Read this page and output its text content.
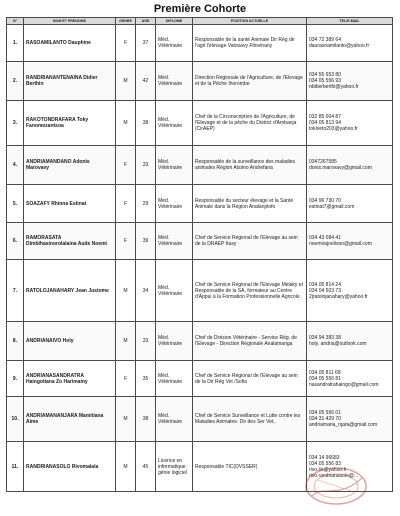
Première Cohorte
N°	NOM ET PRENOMS	GENRE	AGE	DIPLOME	POSITION ACTUELLE	TEL/E-MAIL
1.	RASOAMILANTO Dauphine	F	37	Méd. Vétérinaire	Responsable de la santé Animale Dir Rég de l'agri l'élevage Vatovavy Fitovinany	034 72 389 64
daurasoamilanto@yahoo.fr

2.	RANDRIANANTENAINA Didier Berthin	M	42	Méd. Vétérinaire	Direction Régionale de l'Agriculture, de l'Elevage et de la Pêche Ihorombe	034 55 653 80
034 05 556 93
rdidierberthi@yahoo.fr

3.	RAKOTONDRAFARA Toky Fanomezantsoa	M	38	Méd. Vétérinaire	Chef de la Circonscription de l'Agriculture, de l'Elevage et de la pêche du District d'Ambanja (CirAEP)	032 85 004 87
034 05 813 94
tokiveto203@yahoo.fr

4.	ANDRIAMANDANO Adonis Marovavy	F	33	Méd. Vétérinaire	Responsable de la surveillance des maladies animales Région Atsimo Andrefana	0347267585
donis.marovavy@gmail.com

5.	SOAZAFY Rhinna Estinat	F	29	Méd. Vétérinaire	Responsable du secteur élevage et la Santé Animale dans la Région Analanjirofo	034 96 730 70
estinat7@gmail.com

6.	RAMORASATA Dimbihasinorolalaina Aude Noemi	F	39	Méd. Vétérinaire	Chef de Service Régional de l'Elevage au sein de la DRAEP Itasy	034 43 084 41
noemirajoelison@gmail.com

7.	RATOLOJANAHARY Jean Justome	M	34	Méd. Vétérinaire	Chef de Service Régional de l'Elevage Melaky et Responsable de la SA, formateur au Centre d'Appui à la Formation Professionnelle Agricole.	034 05 814 24
034 04 503 73
2jratolojanahary@yahoo.fr

8.	ANDRIANAIVO Holy	M	33	Méd. Vétérinaire	Chef de Division Vétérinaire - Service Rég. de l'Elevage - Direction Régionale Analamanga	034 94 383 38
holy. andria@outlook.com

9.	ANDRIANASANDRATRA Haingotiana Zo Harimamy	F	35	Méd. Vétérinaire	Chef de Service Régional de l'Elevage au sein de la Dir Rég Vet /Sofia	034 05 811 68
034 05 556 81
nasandratrahaingo@gmail.com

10.	ANDRIAMANANJARA Mamitiana Aime	M	38	Méd. Vétérinaire	Chef de Service Surveillance et Lutte contre les Maladies Animales- Dir des Ser Vet,	034 05 556 01
034 31 429 70
andriamana_njara@gmail.com

11.	RANDRIANASOLO Rivomalala	M	45	Licence en informatique génie logiciel	Responsable TIC(DVSSER)	034 14 96683
034 05 556 83
rivo.ilo@yahoo.fr
rivo.randrianasolo@...
